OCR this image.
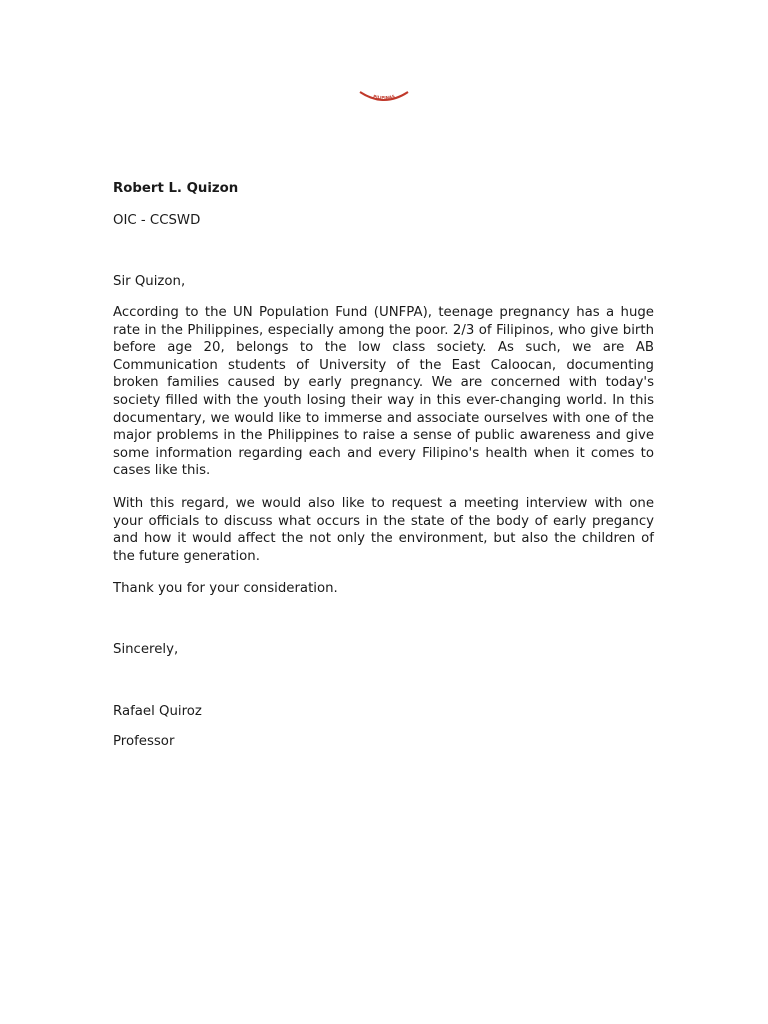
PILIPINAS

Robert L. Quizon

OIC - CCSWD

Sir Quizon,

According to the UN Population Fund (UNFPA), teenage pregnancy has a huge rate in the Philippines, especially among the poor. 2/3 of Filipinos, who give birth before age 20, belongs to the low class society. As such, we are AB Communication students of University of the East Caloocan, documenting broken families caused by early pregnancy. We are concerned with today's society filled with the youth losing their way in this ever-changing world. In this documentary, we would like to immerse and associate ourselves with one of the major problems in the Philippines to raise a sense of public awareness and give some information regarding each and every Filipino's health when it comes to cases like this.

With this regard, we would also like to request a meeting interview with one your officials to discuss what occurs in the state of the body of early pregancy and how it would affect the not only the environment, but also the children of the future generation.

Thank you for your consideration.

Sincerely,

Rafael Quiroz

Professor
